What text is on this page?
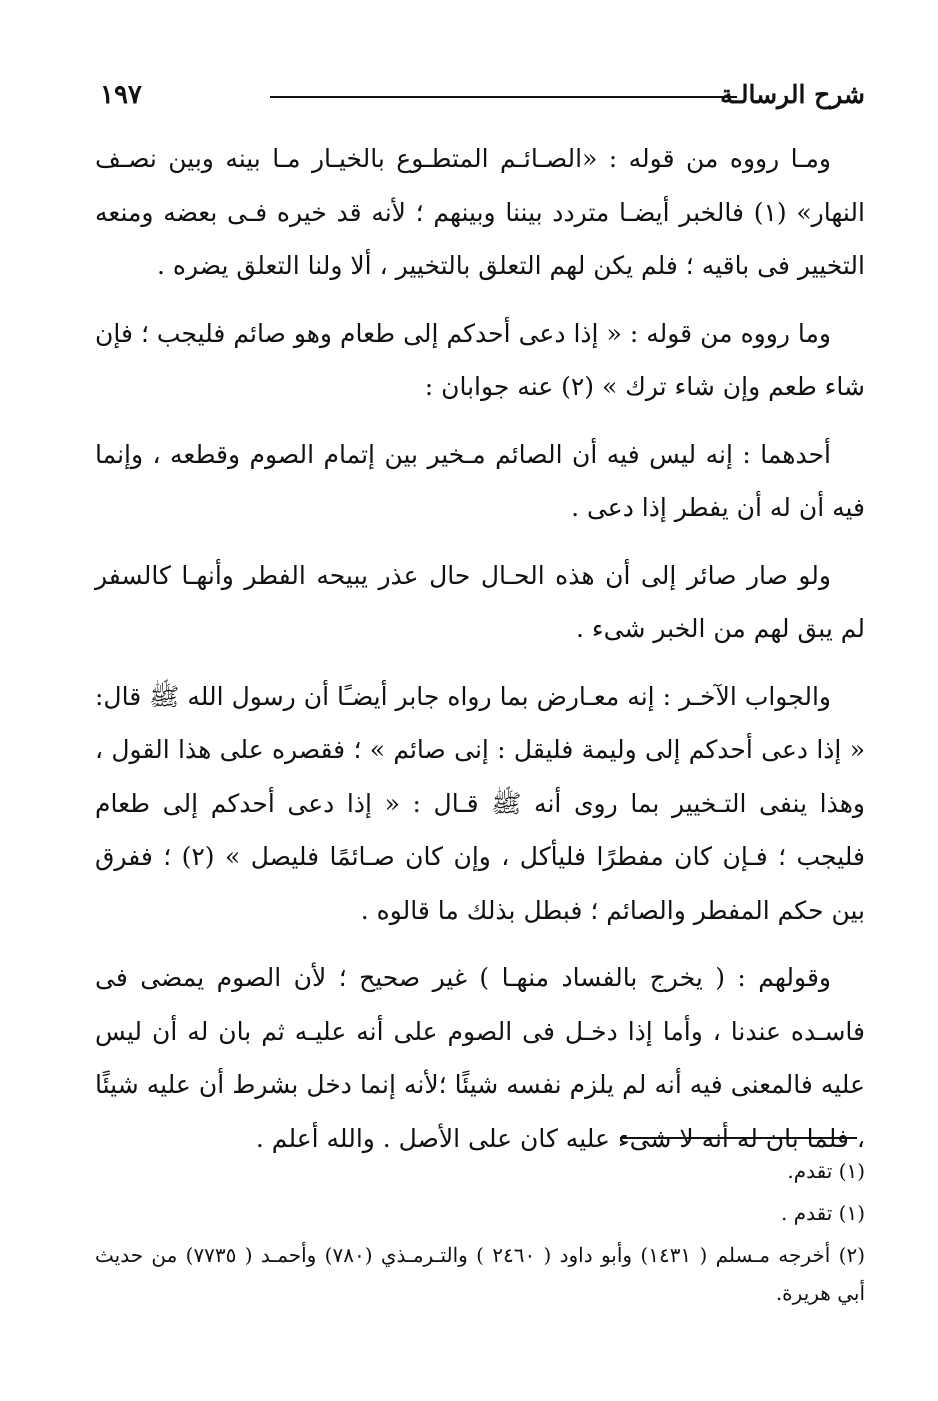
١٩٧	شرح الرسالـة

ومـا رووه من قوله : «الصـائـم المتطـوع بالخيـار مـا بينه وبين نصـف النهار» (١) فالخبر أيضـا متردد بيننا وبينهم ؛ لأنه قد خيره فـى بعضه ومنعه التخيير فى باقيه ؛ فلم يكن لهم التعلق بالتخيير ، ألا ولنا التعلق يضره .

وما رووه من قوله : « إذا دعى أحدكم إلى طعام وهو صائم فليجب ؛ فإن شاء طعم وإن شاء ترك » (٢) عنه جوابان :

أحدهما : إنه ليس فيه أن الصائم مـخير بين إتمام الصوم وقطعه ، وإنما فيه أن له أن يفطر إذا دعى .

ولو صار صائر إلى أن هذه الحـال حال عذر يبيحه الفطر وأنهـا كالسفر لم يبق لهم من الخبر شىء .

والجواب الآخـر : إنه معـارض بما رواه جابر أيضـًا أن رسول الله ﷺ قال: « إذا دعى أحدكم إلى وليمة فليقل : إنى صائم » ؛ فقصره على هذا القول ، وهذا ينفى التـخيير بما روى أنه ﷺ قـال : « إذا دعى أحدكم إلى طعام فليجب ؛ فـإن كان مفطرًا فليأكل ، وإن كان صـائمًا فليصل » (٢) ؛ ففرق بين حكم المفطر والصائم ؛ فبطل بذلك ما قالوه .

وقولهم : ( يخرج بالفساد منهـا ) غير صحيح ؛ لأن الصوم يمضى فى فاسـده عندنا ، وأما إذا دخـل فى الصوم على أنه عليـه ثم بان له أن ليس عليه فالمعنى فيه أنه لم يلزم نفسه شيئًا ؛لأنه إنما دخل بشرط أن عليه شيئًا ، فلما بان له أنه لا شىء عليه كان على الأصل . والله أعلم .

(١) تقدم.

(١) تقدم .

(٢) أخرجه مـسلم ( ١٤٣١) وأبو داود ( ٢٤٦٠ ) والتـرمـذي (٧٨٠) وأحمـد ( ٧٧٣٥) من حديث أبي هريرة.
